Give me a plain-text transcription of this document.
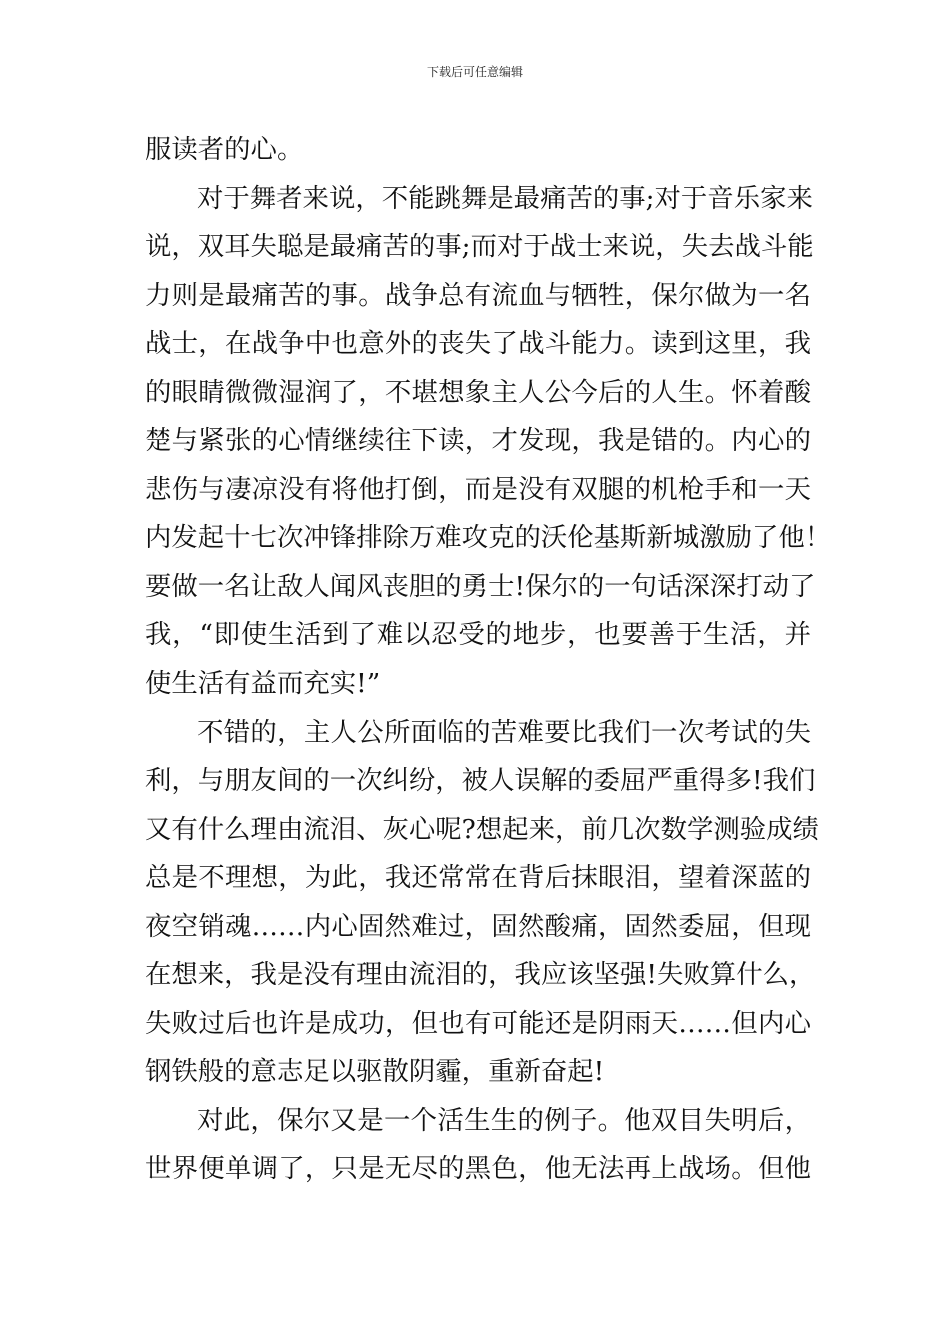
下载后可任意编辑
服读者的心。
对于舞者来说，不能跳舞是最痛苦的事;对于音乐家来
说，双耳失聪是最痛苦的事;而对于战士来说，失去战斗能
力则是最痛苦的事。战争总有流血与牺牲，保尔做为一名
战士，在战争中也意外的丧失了战斗能力。读到这里，我
的眼睛微微湿润了，不堪想象主人公今后的人生。怀着酸
楚与紧张的心情继续往下读，才发现，我是错的。内心的
悲伤与凄凉没有将他打倒，而是没有双腿的机枪手和一天
内发起十七次冲锋排除万难攻克的沃伦基斯新城激励了他！
要做一名让敌人闻风丧胆的勇士!保尔的一句话深深打动了
我，“即使生活到了难以忍受的地步，也要善于生活，并
使生活有益而充实!”
不错的，主人公所面临的苦难要比我们一次考试的失
利，与朋友间的一次纠纷，被人误解的委屈严重得多!我们
又有什么理由流泪、灰心呢?想起来，前几次数学测验成绩
总是不理想，为此，我还常常在背后抹眼泪，望着深蓝的
夜空销魂……内心固然难过，固然酸痛，固然委屈，但现
在想来，我是没有理由流泪的，我应该坚强!失败算什么，
失败过后也许是成功，但也有可能还是阴雨天……但内心
钢铁般的意志足以驱散阴霾，重新奋起!
对此，保尔又是一个活生生的例子。他双目失明后，
世界便单调了，只是无尽的黑色，他无法再上战场。但他
